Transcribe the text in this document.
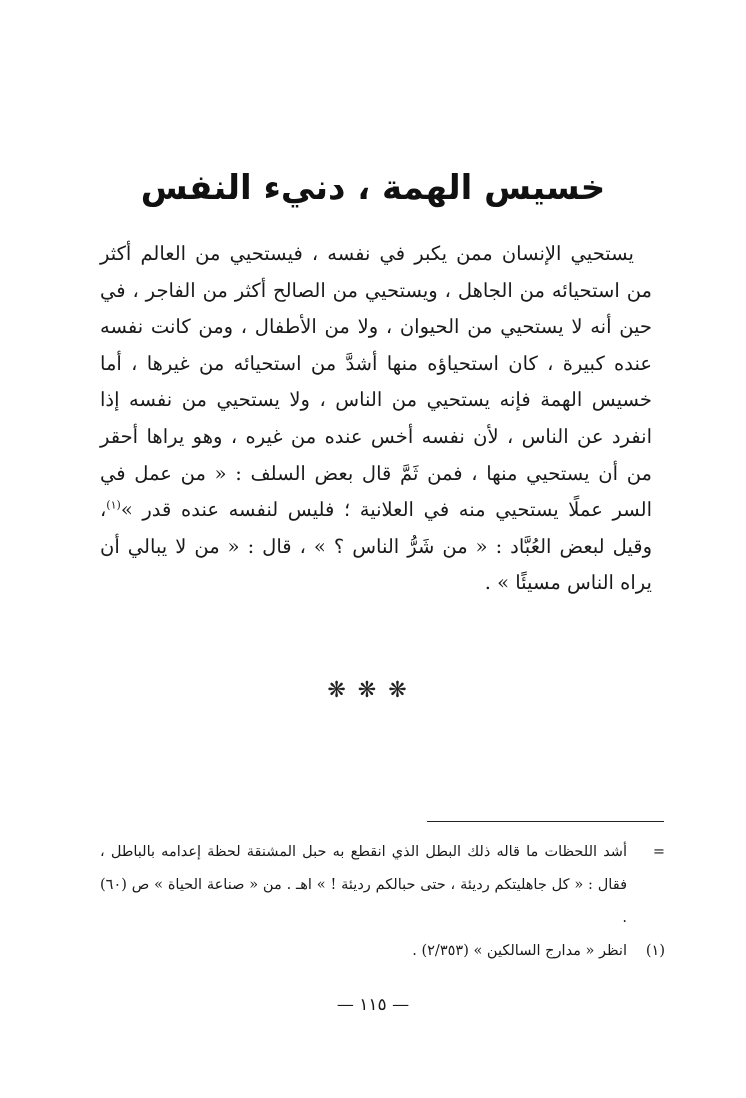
خسيس الهمة ، دنيء النفس

يستحيي الإنسان ممن يكبر في نفسه ، فيستحيي من العالم أكثر من استحيائه من الجاهل ، ويستحيي من الصالح أكثر من الفاجر ، في حين أنه لا يستحيي من الحيوان ، ولا من الأطفال ، ومن كانت نفسه عنده كبيرة ، كان استحياؤه منها أشدَّ من استحيائه من غيرها ، أما خسيس الهمة فإنه يستحيي من الناس ، ولا يستحيي من نفسه إذا انفرد عن الناس ، لأن نفسه أخس عنده من غيره ، وهو يراها أحقر من أن يستحيي منها ، فمن ثَمَّ قال بعض السلف : « من عمل في السر عملًا يستحيي منه في العلانية ؛ فليس لنفسه عنده قدر »$^{(١)}$، وقيل لبعض العُبَّاد : « من شَرُّ الناس ؟ » ، قال : « من لا يبالي أن يراه الناس مسيئًا » .

❋❋❋
=
أشد اللحظات ما قاله ذلك البطل الذي انقطع به حبل المشنقة لحظة إعدامه بالباطل ، فقال : « كل جاهليتكم رديئة ، حتى حبالكم رديئة ! » اهـ . من « صناعة الحياة » ص (٦٠) .
(١)
انظر « مدارج السالكين » (٢/٣٥٣) .
— ١١٥ —
